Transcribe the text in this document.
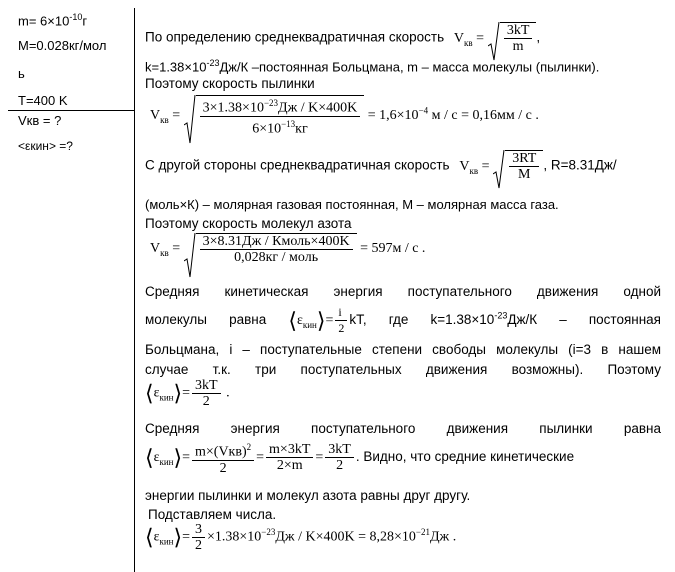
$m= 6\times 10^{-10}г$
M=0.028кг/мол
ь
T=400 K
Vкв = ?
<εкин> =?
По определению среднеквадратичная скорость $V_{кв} = \frac{3kT}{m}$ ,
$k=1.38\times 10^{-23}Дж/К$ –постоянная Больцмана, m – масса молекулы (пылинки).
Поэтому скорость пылинки
$V_{кв} = \frac{3\times 1.38\times 10^{-23}Дж / K\times 400K}{6\times 10^{-13}кг} = 1,6\times 10^{-4}$ м / с = 0,16мм / с .
С другой стороны среднеквадратичная скорость $V_{кв} = \frac{3RT}{M}$ , R=8.31Дж/
(моль×К) – молярная газовая постоянная, М – молярная масса газа.
Поэтому скорость молекул азота
$V_{кв} = \frac{\text{3×8.31Дж / Кмоль×400K}}{\text{0,028кг / моль}} = 597м / с$ .
Средняя кинетическая энергия поступательного движения одной
молекулы равна $⟨\varepsilon_{кин}⟩= \frac{i}{2}$ kT, где $k=1.38\times 10^{-23}Дж/К$ – постоянная
Больцмана, i – поступательные степени свободы молекулы (i=3 в нашем
случае т.к. три поступательных движения возможны). Поэтому
$⟨\varepsilon_{кин}⟩= \frac{3kT}{2}$ .
Средняя энергия поступательного движения пылинки равна
$⟨\varepsilon_{кин}⟩= \frac{m\times(Vкв)^2}{2} = \frac{m\times 3kT}{2\times m} = \frac{3kT}{2}$ . Видно, что средние кинетические
энергии пылинки и молекул азота равны друг другу.
Подставляем числа.
$⟨\varepsilon_{кин}⟩= \frac{3}{2} \times 1.38\times 10^{-23}Дж / K\times 400K = 8,28\times 10^{-21}Дж$ .
